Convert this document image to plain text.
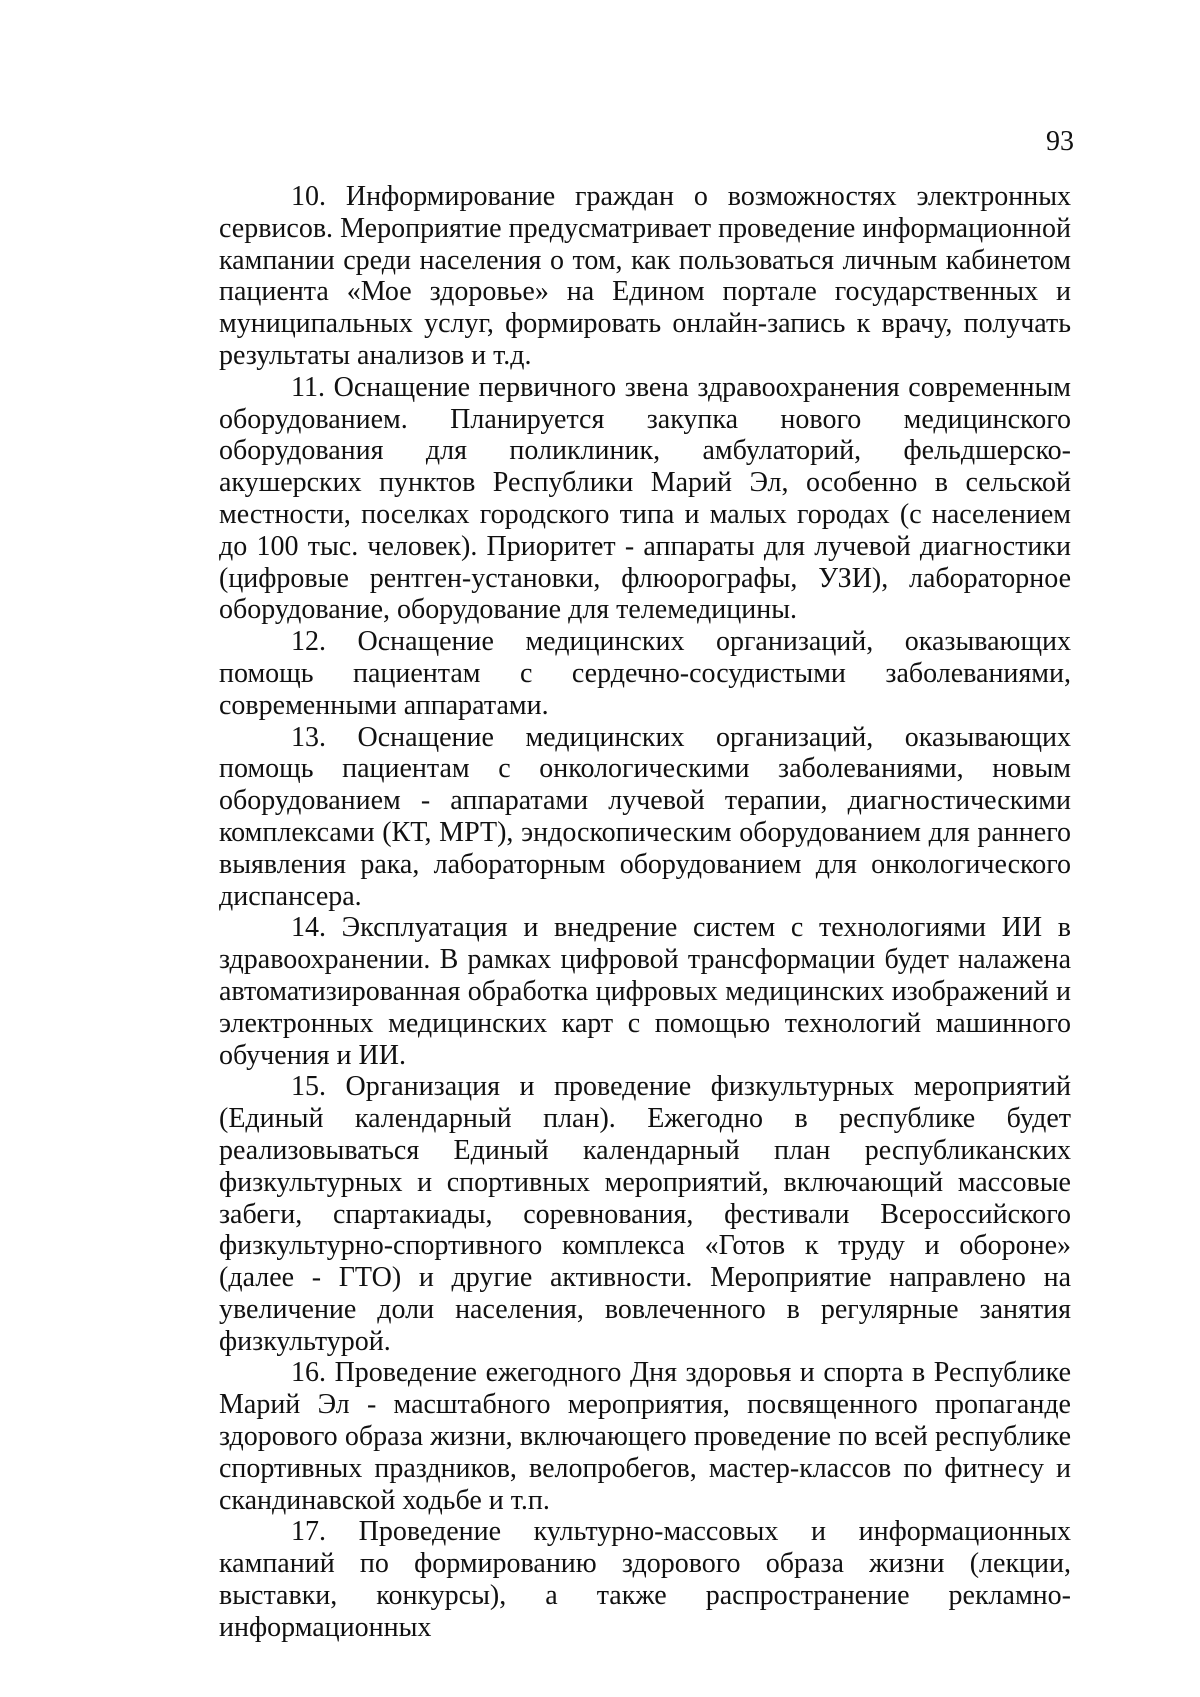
93

10. Информирование граждан о возможностях электронных сервисов. Мероприятие предусматривает проведение информационной кампании среди населения о том, как пользоваться личным кабинетом пациента «Мое здоровье» на Едином портале государственных и муниципальных услуг, формировать онлайн-запись к врачу, получать результаты анализов и т.д.

11. Оснащение первичного звена здравоохранения современным оборудованием. Планируется закупка нового медицинского оборудования для поликлиник, амбулаторий, фельдшерско-акушерских пунктов Республики Марий Эл, особенно в сельской местности, поселках городского типа и малых городах (с населением до 100 тыс. человек). Приоритет - аппараты для лучевой диагностики (цифровые рентген-установки, флюорографы, УЗИ), лабораторное оборудование, оборудование для телемедицины.

12. Оснащение медицинских организаций, оказывающих помощь пациентам с сердечно-сосудистыми заболеваниями, современными аппаратами.

13. Оснащение медицинских организаций, оказывающих помощь пациентам с онкологическими заболеваниями, новым оборудованием - аппаратами лучевой терапии, диагностическими комплексами (КТ, МРТ), эндоскопическим оборудованием для раннего выявления рака, лабораторным оборудованием для онкологического диспансера.

14. Эксплуатация и внедрение систем с технологиями ИИ в здравоохранении. В рамках цифровой трансформации будет налажена автоматизированная обработка цифровых медицинских изображений и электронных медицинских карт с помощью технологий машинного обучения и ИИ.

15. Организация и проведение физкультурных мероприятий (Единый календарный план). Ежегодно в республике будет реализовываться Единый календарный план республиканских физкультурных и спортивных мероприятий, включающий массовые забеги, спартакиады, соревнования, фестивали Всероссийского физкультурно-спортивного комплекса «Готов к труду и обороне» (далее - ГТО) и другие активности. Мероприятие направлено на увеличение доли населения, вовлеченного в регулярные занятия физкультурой.

16. Проведение ежегодного Дня здоровья и спорта в Республике Марий Эл - масштабного мероприятия, посвященного пропаганде здорового образа жизни, включающего проведение по всей республике спортивных праздников, велопробегов, мастер-классов по фитнесу и скандинавской ходьбе и т.п.

17. Проведение культурно-массовых и информационных кампаний по формированию здорового образа жизни (лекции, выставки, конкурсы), а также распространение рекламно-информационных
